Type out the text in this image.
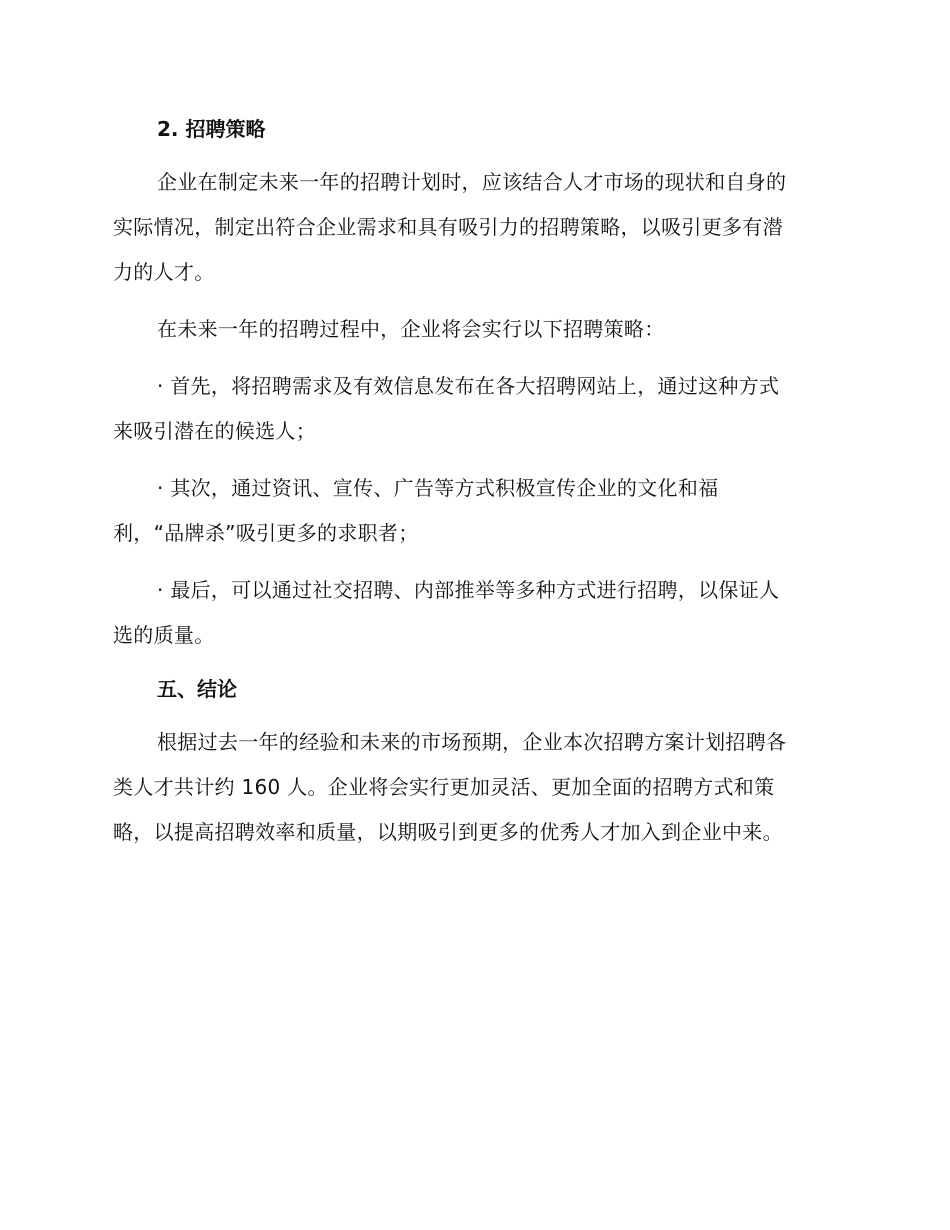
2. 招聘策略

企业在制定未来一年的招聘计划时，应该结合人才市场的现状和自身的
实际情况，制定出符合企业需求和具有吸引力的招聘策略，以吸引更多有潜
力的人才。

在未来一年的招聘过程中，企业将会实行以下招聘策略：

· 首先，将招聘需求及有效信息发布在各大招聘网站上，通过这种方式
来吸引潜在的候选人；

· 其次，通过资讯、宣传、广告等方式积极宣传企业的文化和福
利，“品牌杀”吸引更多的求职者；

· 最后，可以通过社交招聘、内部推举等多种方式进行招聘，以保证人
选的质量。

五、结论

根据过去一年的经验和未来的市场预期，企业本次招聘方案计划招聘各
类人才共计约 160 人。企业将会实行更加灵活、更加全面的招聘方式和策
略，以提高招聘效率和质量，以期吸引到更多的优秀人才加入到企业中来。
